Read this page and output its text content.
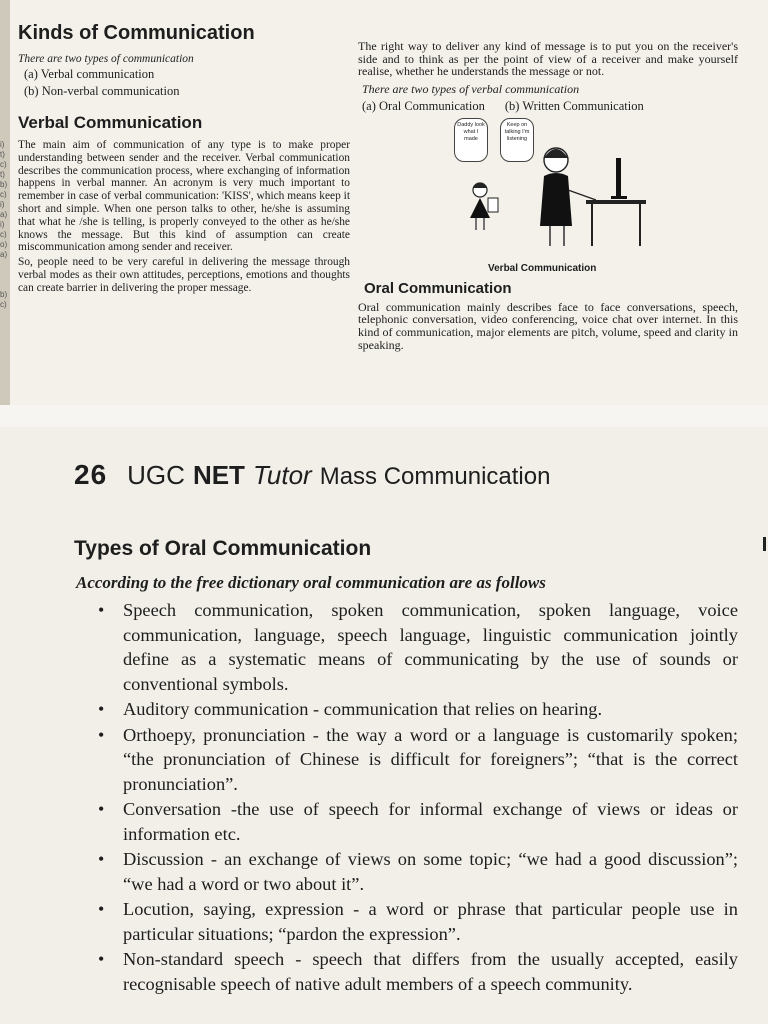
i)
t)
c)
t)
b)
c)
i)
a)
i)
c)
o)
a)
b)
c)
Kinds of Communication

There are two types of communication

(a) Verbal communication

(b) Non-verbal communication

Verbal Communication

The main aim of communication of any type is to make proper understanding between sender and the receiver. Verbal communication describes the communication process, where exchanging of information happens in verbal manner. An acronym is very much important to remember in case of verbal communication: 'KISS', which means keep it short and simple. When one person talks to other, he/she is assuming that what he /she is telling, is properly conveyed to the other as he/she knows the message. But this kind of assumption can create miscommunication among sender and receiver.

So, people need to be very careful in delivering the message through verbal modes as their own attitudes, perceptions, emotions and thoughts can create barrier in delivering the proper message.

The right way to deliver any kind of message is to put you on the receiver's side and to think as per the point of view of a receiver and make yourself realise, whether he understands the message or not.

There are two types of verbal communication

(a) Oral Communication (b) Written Communication
Daddy look what I made
Keep on talking I'm listening
Verbal Communication
Oral Communication

Oral communication mainly describes face to face conversations, speech, telephonic conversation, video conferencing, voice chat over internet. In this kind of communication, major elements are pitch, volume, speed and clarity in speaking.

26 UGC NET Tutor Mass Communication
Types of Oral Communication

According to the free dictionary oral communication are as follows

• Speech communication, spoken communication, spoken language, voice communication, language, speech language, linguistic communication jointly define as a systematic means of communicating by the use of sounds or conventional symbols.
• Auditory communication - communication that relies on hearing.
• Orthoepy, pronunciation - the way a word or a language is customarily spoken; “the pronunciation of Chinese is difficult for foreigners”; “that is the correct pronunciation”.
• Conversation -the use of speech for informal exchange of views or ideas or information etc.
• Discussion - an exchange of views on some topic; “we had a good discussion”; “we had a word or two about it”.
• Locution, saying, expression - a word or phrase that particular people use in particular situations; “pardon the expression”.
• Non-standard speech - speech that differs from the usually accepted, easily recognisable speech of native adult members of a speech community.
